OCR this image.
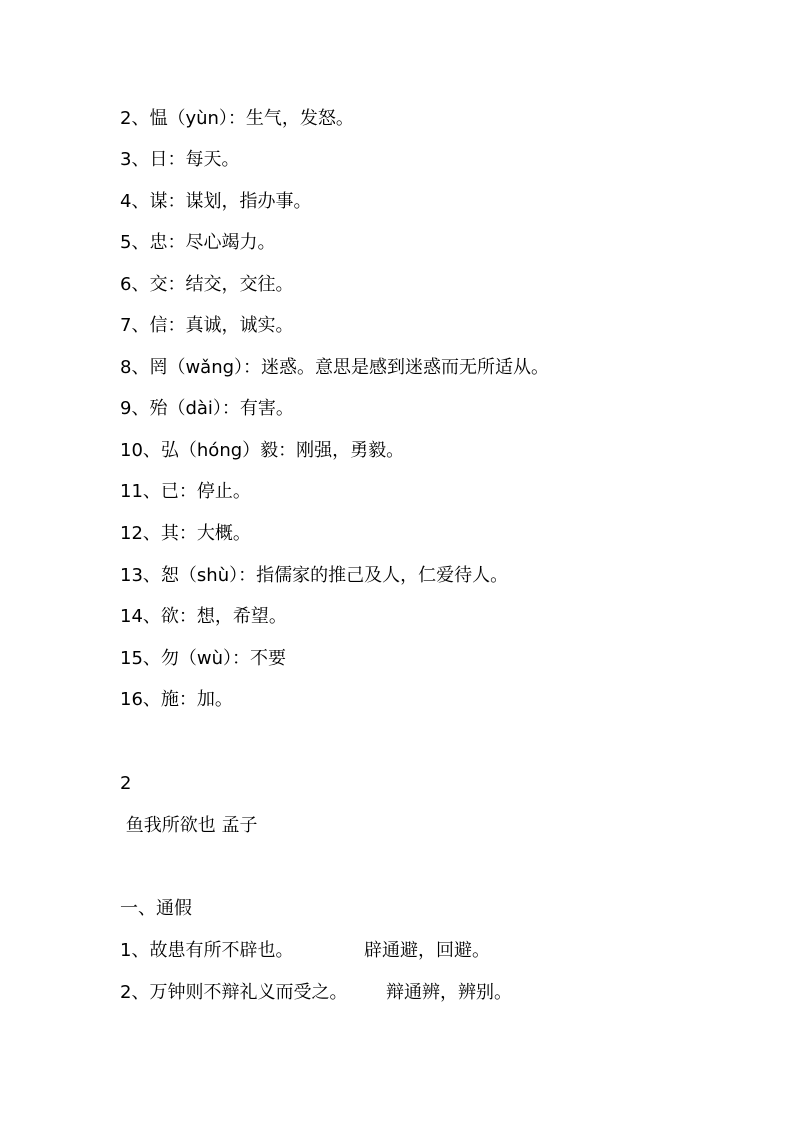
2、愠（yùn）：生气，发怒。
3、日：每天。
4、谋：谋划，指办事。
5、忠：尽心竭力。
6、交：结交，交往。
7、信：真诚，诚实。
8、罔（wǎng）：迷惑。意思是感到迷惑而无所适从。
9、殆（dài）：有害。
10、弘（hóng）毅：刚强，勇毅。
11、已：停止。
12、其：大概。
13、恕（shù）：指儒家的推己及人，仁爱待人。
14、欲：想，希望。
15、勿（wù）：不要
16、施：加。
2
鱼我所欲也 孟子
一、通假
1、故患有所不辟也。	辟通避，回避。
2、万钟则不辩礼义而受之。 辩通辨，辨别。
